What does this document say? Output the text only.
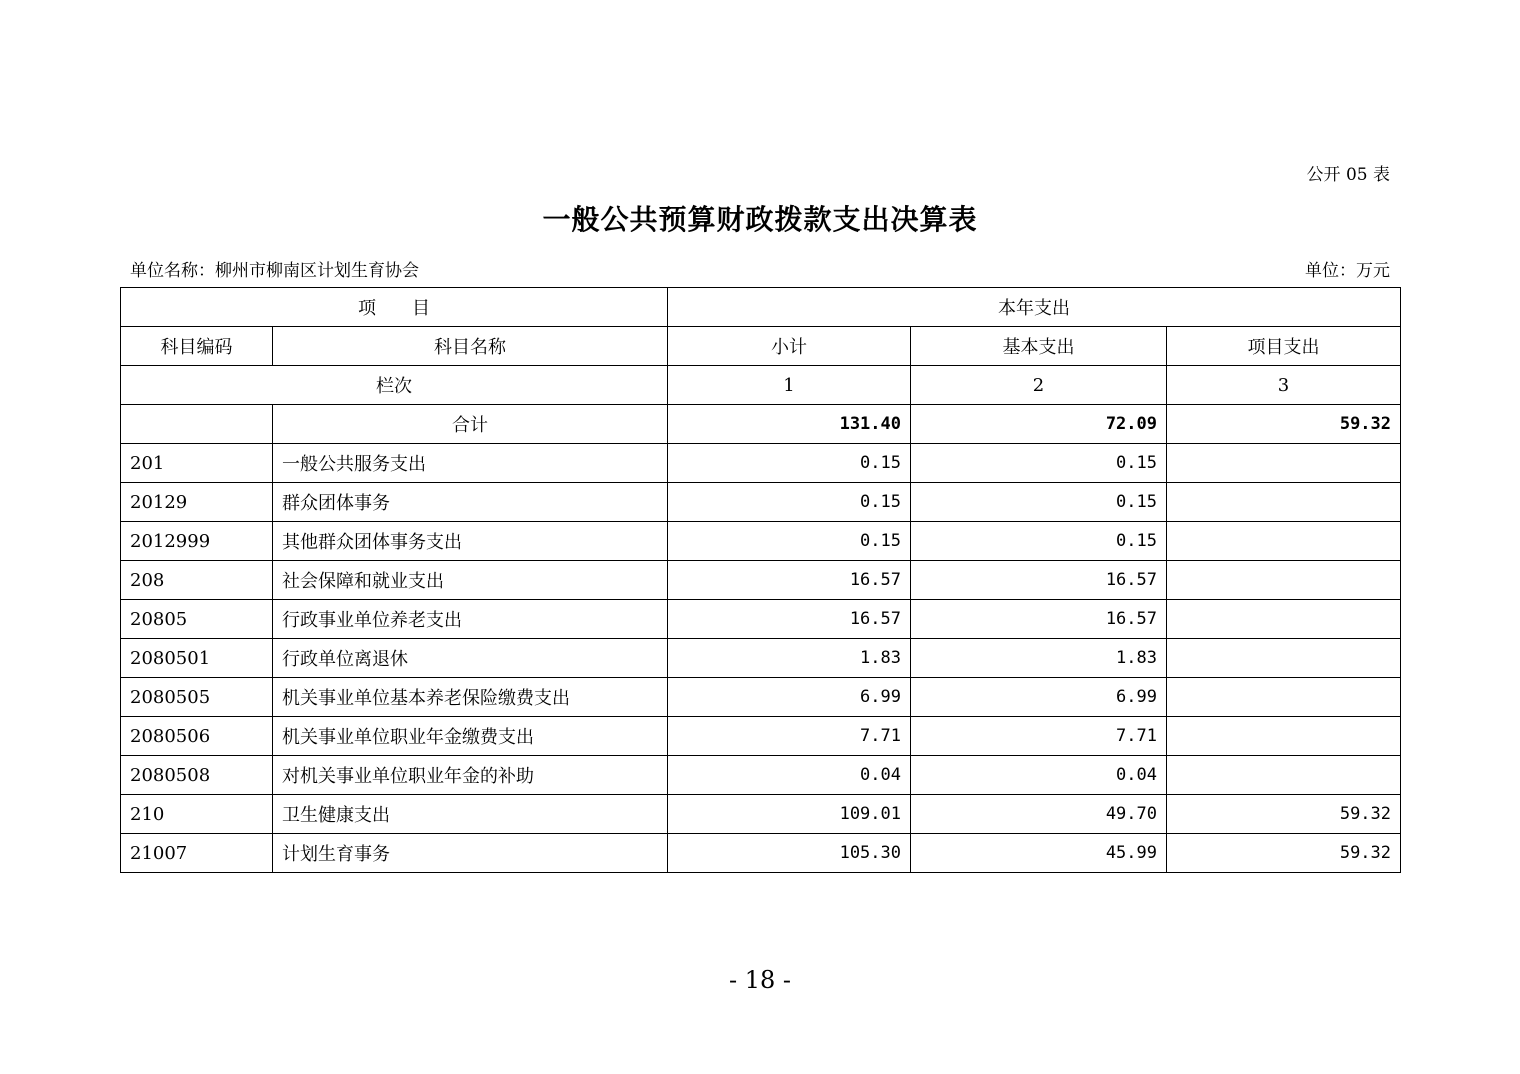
公开 05 表
一般公共预算财政拨款支出决算表
单位名称：柳州市柳南区计划生育协会	单位：万元
项　　目		本年支出		
科目编码	科目名称	小计	基本支出	项目支出
栏次		1	2	3
	合计	131.40	72.09	59.32
201	一般公共服务支出	0.15	0.15	
20129	群众团体事务	0.15	0.15	
2012999	其他群众团体事务支出	0.15	0.15	
208	社会保障和就业支出	16.57	16.57	
20805	行政事业单位养老支出	16.57	16.57	
2080501	行政单位离退休	1.83	1.83	
2080505	机关事业单位基本养老保险缴费支出	6.99	6.99	
2080506	机关事业单位职业年金缴费支出	7.71	7.71	
2080508	对机关事业单位职业年金的补助	0.04	0.04	
210	卫生健康支出	109.01	49.70	59.32
21007	计划生育事务	105.30	45.99	59.32
- 18 -
